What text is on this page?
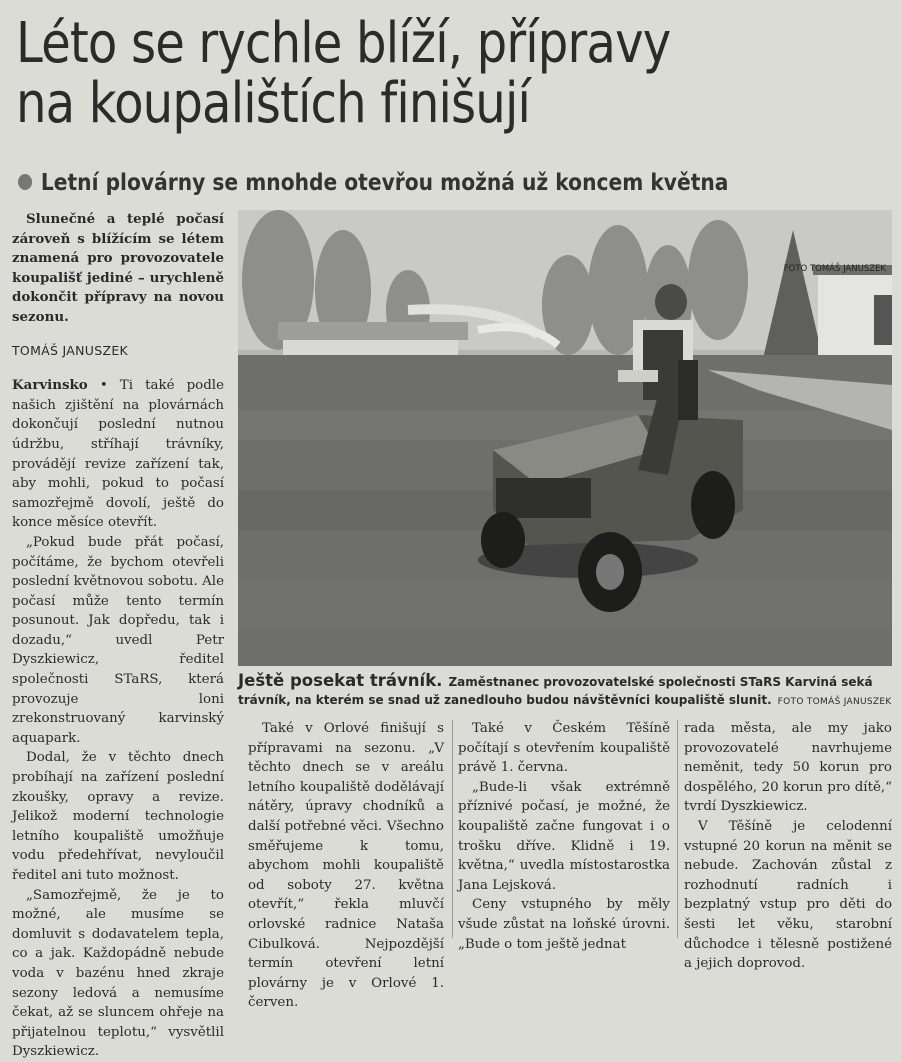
Léto se rychle blíží, přípravy
na koupalištích finišují
Letní plovárny se mnohde otevřou možná už koncem května

Slunečné a teplé počasí zároveň s blížícím se létem znamená pro provozovatele koupališť jediné – urychleně dokončit přípravy na novou sezonu.

TOMÁŠ JANUSZEK

Karvinsko • Ti také podle našich zjištění na plovárnách dokončují poslední nutnou údržbu, stříhají trávníky, provádějí revize zařízení tak, aby mohli, pokud to počasí samozřejmě dovolí, ještě do konce měsíce otevřít.

„Pokud bude přát počasí, počítáme, že bychom otevřeli poslední květnovou sobotu. Ale počasí může tento termín posunout. Jak dopředu, tak i dozadu,“ uvedl Petr Dyszkiewicz, ředitel společnosti STaRS, která provozuje loni zrekonstruovaný karvinský aquapark.

Dodal, že v těchto dnech probíhají na zařízení poslední zkoušky, opravy a revize. Jelikož moderní technologie letního koupaliště umožňuje vodu předehřívat, nevyloučil ředitel ani tuto možnost.

„Samozřejmě, že je to možné, ale musíme se domluvit s dodavatelem tepla, co a jak. Každopádně nebude voda v bazénu hned zkraje sezony ledová a nemusíme čekat, až se sluncem ohřeje na přijatelnou teplotu,“ vysvětlil Dyszkiewicz.

FOTO TOMÁŠ JANUSZEK
Ještě posekat trávník. Zaměstnanec provozovatelské společnosti STaRS Karviná seká trávník, na kterém se snad už zanedlouho budou návštěvníci koupaliště slunit. FOTO TOMÁŠ JANUSZEK

Také v Orlové finišují s přípravami na sezonu. „V těchto dnech se v areálu letního koupaliště dodělávají nátěry, úpravy chodníků a další potřebné věci. Všechno směřujeme k tomu, abychom mohli koupaliště od soboty 27. května otevřít,“ řekla mluvčí orlovské radnice Nataša Cibulková. Nejpozdější termín otevření letní plovárny je v Orlové 1. červen.

Také v Českém Těšíně počítají s otevřením koupaliště právě 1. června.

„Bude-li však extrémně příznivé počasí, je možné, že koupaliště začne fungovat i o trošku dříve. Klidně i 19. května,“ uvedla místostarostka Jana Lejsková.

Ceny vstupného by měly všude zůstat na loňské úrovni. „Bude o tom ještě jednat

rada města, ale my jako provozovatelé navrhujeme neměnit, tedy 50 korun pro dospělého, 20 korun pro dítě,“ tvrdí Dyszkiewicz.

V Těšíně je celodenní vstupné 20 korun na měnit se nebude. Zachován zůstal z rozhodnutí radních i bezplatný vstup pro děti do šesti let věku, starobní důchodce i tělesně postižené a jejich doprovod.
